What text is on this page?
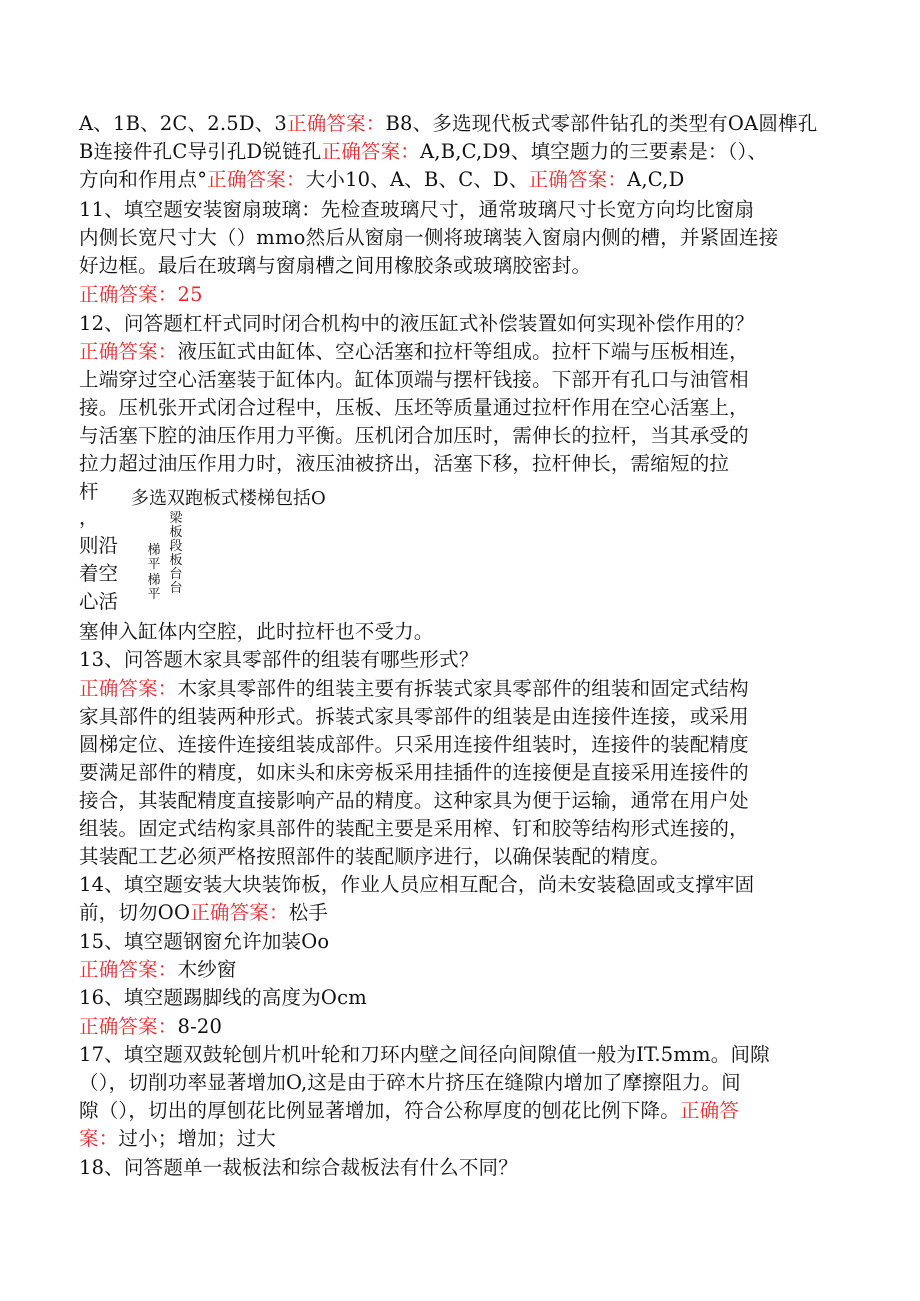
A、1B、2C、2.5D、3正确答案：B8、多选现代板式零部件钻孔的类型有OA圆榫孔
B连接件孔C导引孔D锐链孔正确答案：A,B,C,D9、填空题力的三要素是：（）、
方向和作用点°正确答案：大小10、A、B、C、D、正确答案：A,C,D
11、填空题安装窗扇玻璃：先检查玻璃尺寸，通常玻璃尺寸长宽方向均比窗扇
内侧长宽尺寸大（）mmo然后从窗扇一侧将玻璃装入窗扇内侧的槽，并紧固连接
好边框。最后在玻璃与窗扇槽之间用橡胶条或玻璃胶密封。
正确答案：25
12、问答题杠杆式同时闭合机构中的液压缸式补偿装置如何实现补偿作用的？
正确答案：液压缸式由缸体、空心活塞和拉杆等组成。拉杆下端与压板相连，
上端穿过空心活塞装于缸体内。缸体顶端与摆杆钱接。下部开有孔口与油管相
接。压机张开式闭合过程中，压板、压坯等质量通过拉杆作用在空心活塞上，
与活塞下腔的油压作用力平衡。压机闭合加压时，需伸长的拉杆，当其承受的
拉力超过油压作用力时，液压油被挤出，活塞下移，拉杆伸长，需缩短的拉
多选双跑板式楼梯包括O
杆
，
则沿
着空
心活
梯平
梯平
梁板段板台台
塞伸入缸体内空腔，此时拉杆也不受力。
13、问答题木家具零部件的组装有哪些形式？
正确答案：木家具零部件的组装主要有拆装式家具零部件的组装和固定式结构
家具部件的组装两种形式。拆装式家具零部件的组装是由连接件连接，或采用
圆梯定位、连接件连接组装成部件。只采用连接件组装时，连接件的装配精度
要满足部件的精度，如床头和床旁板采用挂插件的连接便是直接采用连接件的
接合，其装配精度直接影响产品的精度。这种家具为便于运输，通常在用户处
组装。固定式结构家具部件的装配主要是采用榨、钉和胶等结构形式连接的，
其装配工艺必须严格按照部件的装配顺序进行，以确保装配的精度。
14、填空题安装大块装饰板，作业人员应相互配合，尚未安装稳固或支撑牢固
前，切勿OO正确答案：松手
15、填空题钢窗允许加装Oo
正确答案：木纱窗
16、填空题踢脚线的高度为Ocm
正确答案：8-20
17、填空题双鼓轮刨片机叶轮和刀环内壁之间径向间隙值一般为IT.5mm。间隙
（），切削功率显著增加O,这是由于碎木片挤压在缝隙内增加了摩擦阻力。间
隙（），切出的厚刨花比例显著增加，符合公称厚度的刨花比例下降。正确答
案：过小；增加；过大
18、问答题单一裁板法和综合裁板法有什么不同？
